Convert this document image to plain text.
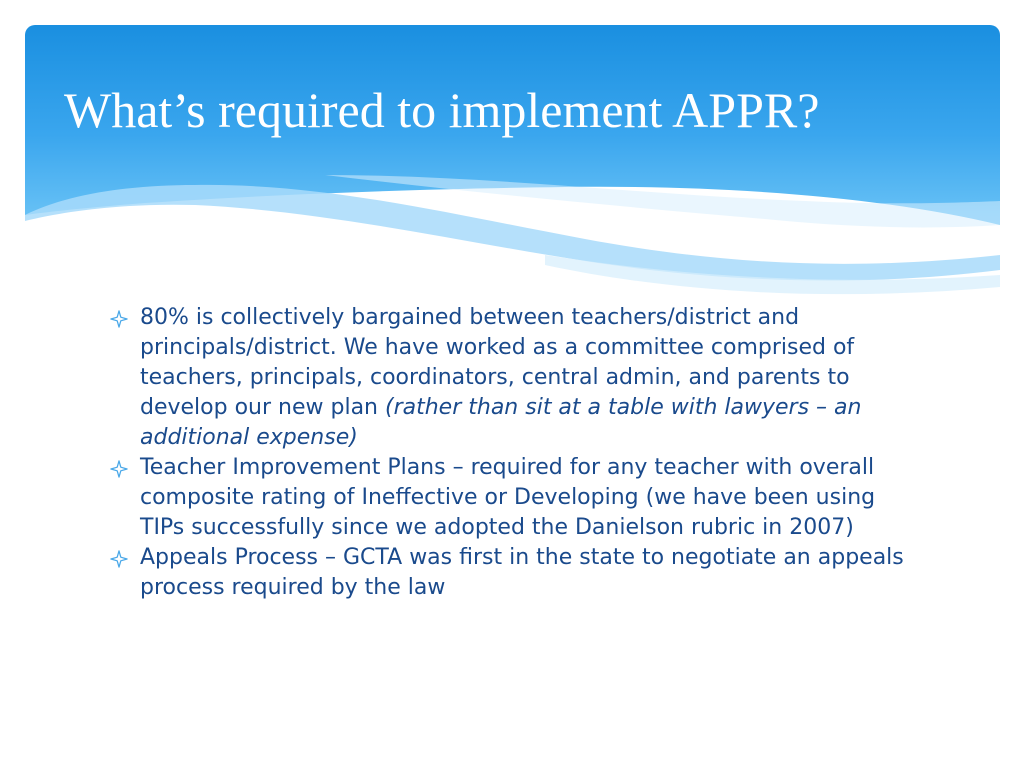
What’s required to implement APPR?
80% is collectively bargained between teachers/district and principals/district. We have worked as a committee comprised of teachers, principals, coordinators, central admin, and parents to develop our new plan (rather than sit at a table with lawyers – an additional expense)
Teacher Improvement Plans – required for any teacher with overall composite rating of Ineffective or Developing (we have been using TIPs successfully since we adopted the Danielson rubric in 2007)
Appeals Process – GCTA was first in the state to negotiate an appeals process required by the law
